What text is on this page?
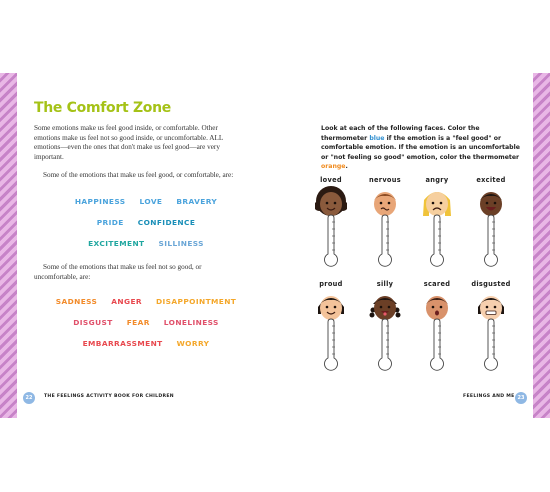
The Comfort Zone

Some emotions make us feel good inside, or comfortable. Other emotions make us feel not so good inside, or uncomfortable. ALL emotions—even the ones that don't make us feel good—are very important.

Some of the emotions that make us feel good, or comfortable, are:

HAPPINESS LOVE BRAVERY
PRIDE CONFIDENCE
EXCITEMENT SILLINESS

Some of the emotions that make us feel not so good, or uncomfortable, are:

SADNESS ANGER DISAPPOINTMENT
DISGUST FEAR LONELINESS
EMBARRASSMENT WORRY
22	THE FEELINGS ACTIVITY BOOK FOR CHILDREN

Look at each of the following faces. Color the thermometer blue if the emotion is a "feel good" or comfortable emotion. If the emotion is an uncomfortable or "not feeling so good" emotion, color the thermometer orange.

loved	nervous	angry	excited
proud	silly	scared	disgusted
FEELINGS AND ME 23
